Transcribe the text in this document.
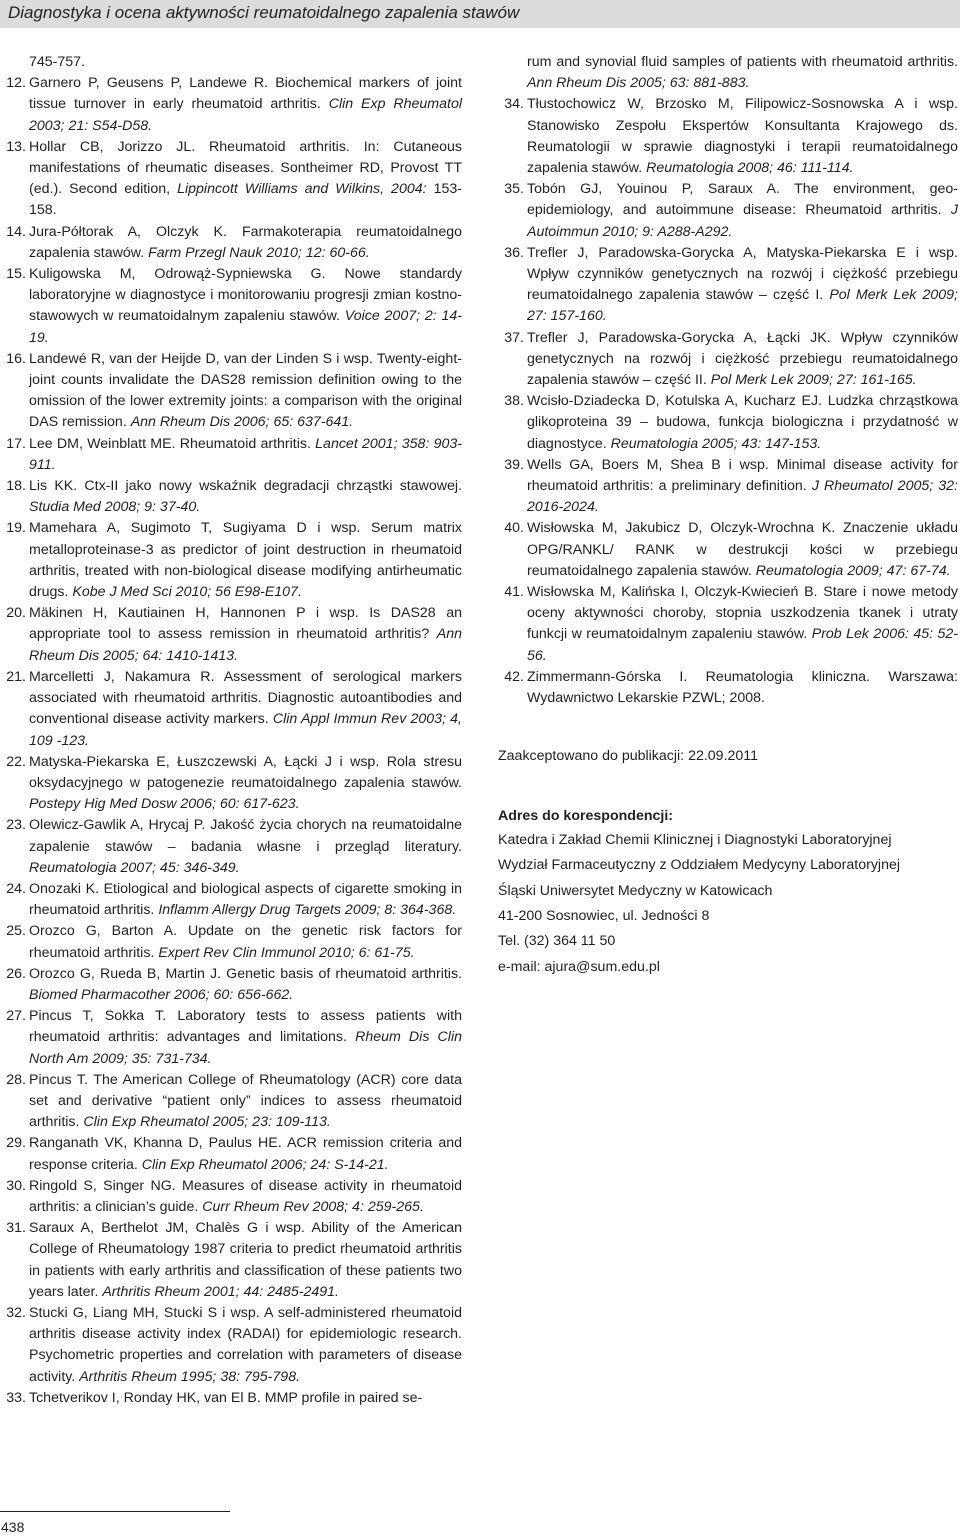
Diagnostyka i ocena aktywności reumatoidalnego zapalenia stawów
745-757.
12. Garnero P, Geusens P, Landewe R. Biochemical markers of joint tissue turnover in early rheumatoid arthritis. Clin Exp Rheumatol 2003; 21: S54-D58.
13. Hollar CB, Jorizzo JL. Rheumatoid arthritis. In: Cutaneous manifestations of rheumatic diseases. Sontheimer RD, Provost TT (ed.). Second edition, Lippincott Williams and Wilkins, 2004: 153-158.
14. Jura-Półtorak A, Olczyk K. Farmakoterapia reumatoidalnego zapalenia stawów. Farm Przegl Nauk 2010; 12: 60-66.
15. Kuligowska M, Odrowąż-Sypniewska G. Nowe standardy laboratoryjne w diagnostyce i monitorowaniu progresji zmian kostno-stawowych w reumatoidalnym zapaleniu stawów. Voice 2007; 2: 14-19.
16. Landewé R, van der Heijde D, van der Linden S i wsp. Twenty-eight-joint counts invalidate the DAS28 remission definition owing to the omission of the lower extremity joints: a comparison with the original DAS remission. Ann Rheum Dis 2006; 65: 637-641.
17. Lee DM, Weinblatt ME. Rheumatoid arthritis. Lancet 2001; 358: 903-911.
18. Lis KK. Ctx-II jako nowy wskaźnik degradacji chrząstki stawowej. Studia Med 2008; 9: 37-40.
19. Mamehara A, Sugimoto T, Sugiyama D i wsp. Serum matrix metalloproteinase-3 as predictor of joint destruction in rheumatoid arthritis, treated with non-biological disease modifying antirheumatic drugs. Kobe J Med Sci 2010; 56 E98-E107.
20. Mäkinen H, Kautiainen H, Hannonen P i wsp. Is DAS28 an appropriate tool to assess remission in rheumatoid arthritis? Ann Rheum Dis 2005; 64: 1410-1413.
21. Marcelletti J, Nakamura R. Assessment of serological markers associated with rheumatoid arthritis. Diagnostic autoantibodies and conventional disease activity markers. Clin Appl Immun Rev 2003; 4, 109 -123.
22. Matyska-Piekarska E, Łuszczewski A, Łącki J i wsp. Rola stresu oksydacyjnego w patogenezie reumatoidalnego zapalenia stawów. Postepy Hig Med Dosw 2006; 60: 617-623.
23. Olewicz-Gawlik A, Hrycaj P. Jakość życia chorych na reumatoidalne zapalenie stawów – badania własne i przegląd literatury. Reumatologia 2007; 45: 346-349.
24. Onozaki K. Etiological and biological aspects of cigarette smoking in rheumatoid arthritis. Inflamm Allergy Drug Targets 2009; 8: 364-368.
25. Orozco G, Barton A. Update on the genetic risk factors for rheumatoid arthritis. Expert Rev Clin Immunol 2010; 6: 61-75.
26. Orozco G, Rueda B, Martin J. Genetic basis of rheumatoid arthritis. Biomed Pharmacother 2006; 60: 656-662.
27. Pincus T, Sokka T. Laboratory tests to assess patients with rheumatoid arthritis: advantages and limitations. Rheum Dis Clin North Am 2009; 35: 731-734.
28. Pincus T. The American College of Rheumatology (ACR) core data set and derivative “patient only” indices to assess rheumatoid arthritis. Clin Exp Rheumatol 2005; 23: 109-113.
29. Ranganath VK, Khanna D, Paulus HE. ACR remission criteria and response criteria. Clin Exp Rheumatol 2006; 24: S-14-21.
30. Ringold S, Singer NG. Measures of disease activity in rheumatoid arthritis: a clinician’s guide. Curr Rheum Rev 2008; 4: 259-265.
31. Saraux A, Berthelot JM, Chalès G i wsp. Ability of the American College of Rheumatology 1987 criteria to predict rheumatoid arthritis in patients with early arthritis and classification of these patients two years later. Arthritis Rheum 2001; 44: 2485-2491.
32. Stucki G, Liang MH, Stucki S i wsp. A self-administered rheumatoid arthritis disease activity index (RADAI) for epidemiologic research. Psychometric properties and correlation with parameters of disease activity. Arthritis Rheum 1995; 38: 795-798.
33. Tchetverikov I, Ronday HK, van El B. MMP profile in paired se-
rum and synovial fluid samples of patients with rheumatoid arthritis. Ann Rheum Dis 2005; 63: 881-883.
34. Tłustochowicz W, Brzosko M, Filipowicz-Sosnowska A i wsp. Stanowisko Zespołu Ekspertów Konsultanta Krajowego ds. Reumatologii w sprawie diagnostyki i terapii reumatoidalnego zapalenia stawów. Reumatologia 2008; 46: 111-114.
35. Tobón GJ, Youinou P, Saraux A. The environment, geo-epidemiology, and autoimmune disease: Rheumatoid arthritis. J Autoimmun 2010; 9: A288-A292.
36. Trefler J, Paradowska-Gorycka A, Matyska-Piekarska E i wsp. Wpływ czynników genetycznych na rozwój i ciężkość przebiegu reumatoidalnego zapalenia stawów – część I. Pol Merk Lek 2009; 27: 157-160.
37. Trefler J, Paradowska-Gorycka A, Łącki JK. Wpływ czynników genetycznych na rozwój i ciężkość przebiegu reumatoidalnego zapalenia stawów – część II. Pol Merk Lek 2009; 27: 161-165.
38. Wcisło-Dziadecka D, Kotulska A, Kucharz EJ. Ludzka chrząstkowa glikoproteina 39 – budowa, funkcja biologiczna i przydatność w diagnostyce. Reumatologia 2005; 43: 147-153.
39. Wells GA, Boers M, Shea B i wsp. Minimal disease activity for rheumatoid arthritis: a preliminary definition. J Rheumatol 2005; 32: 2016-2024.
40. Wisłowska M, Jakubicz D, Olczyk-Wrochna K. Znaczenie układu OPG/RANKL/ RANK w destrukcji kości w przebiegu reumatoidalnego zapalenia stawów. Reumatologia 2009; 47: 67-74.
41. Wisłowska M, Kalińska I, Olczyk-Kwiecień B. Stare i nowe metody oceny aktywności choroby, stopnia uszkodzenia tkanek i utraty funkcji w reumatoidalnym zapaleniu stawów. Prob Lek 2006: 45: 52-56.
42. Zimmermann-Górska I. Reumatologia kliniczna. Warszawa: Wydawnictwo Lekarskie PZWL; 2008.
Zaakceptowano do publikacji: 22.09.2011
Adres do korespondencji:
Katedra i Zakład Chemii Klinicznej i Diagnostyki Laboratoryjnej
Wydział Farmaceutyczny z Oddziałem Medycyny Laboratoryjnej
Śląski Uniwersytet Medyczny w Katowicach
41-200 Sosnowiec, ul. Jedności 8
Tel. (32) 364 11 50
e-mail: ajura@sum.edu.pl
438
